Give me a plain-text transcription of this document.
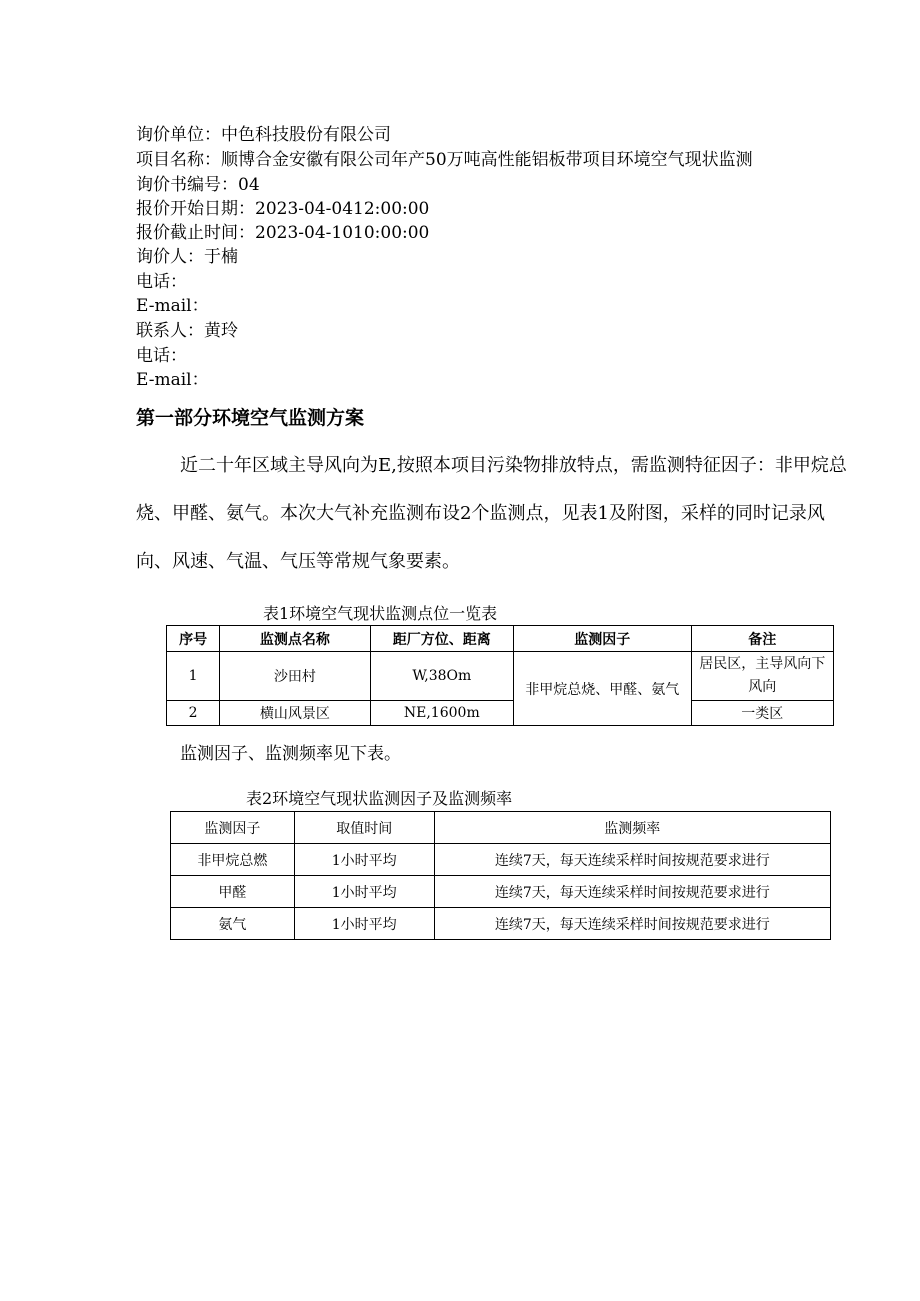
询价单位：中色科技股份有限公司
项目名称：顺博合金安徽有限公司年产50万吨高性能铝板带项目环境空气现状监测
询价书编号：04
报价开始日期：2023-04-0412:00:00
报价截止时间：2023-04-1010:00:00
询价人：于楠
电话：
E-mail：
联系人：黄玲
电话：
E-mail：
第一部分环境空气监测方案
近二十年区域主导风向为E,按照本项目污染物排放特点，需监测特征因子：非甲烷总
烧、甲醛、氨气。本次大气补充监测布设2个监测点，见表1及附图，采样的同时记录风
向、风速、气温、气压等常规气象要素。
表1环境空气现状监测点位一览表
序号	监测点名称	距厂方位、距离	监测因子	备注
1	沙田村	W,38Om	非甲烷总烧、甲醛、氨气	居民区，主导风向下风向
2	横山风景区	NE,1600m		一类区
监测因子、监测频率见下表。
表2环境空气现状监测因子及监测频率
监测因子	取值时间	监测频率
非甲烷总燃	1小时平均	连续7天，每天连续采样时间按规范要求进行
甲醛	1小时平均	连续7天，每天连续采样时间按规范要求进行
氨气	1小时平均	连续7天，每天连续采样时间按规范要求进行
